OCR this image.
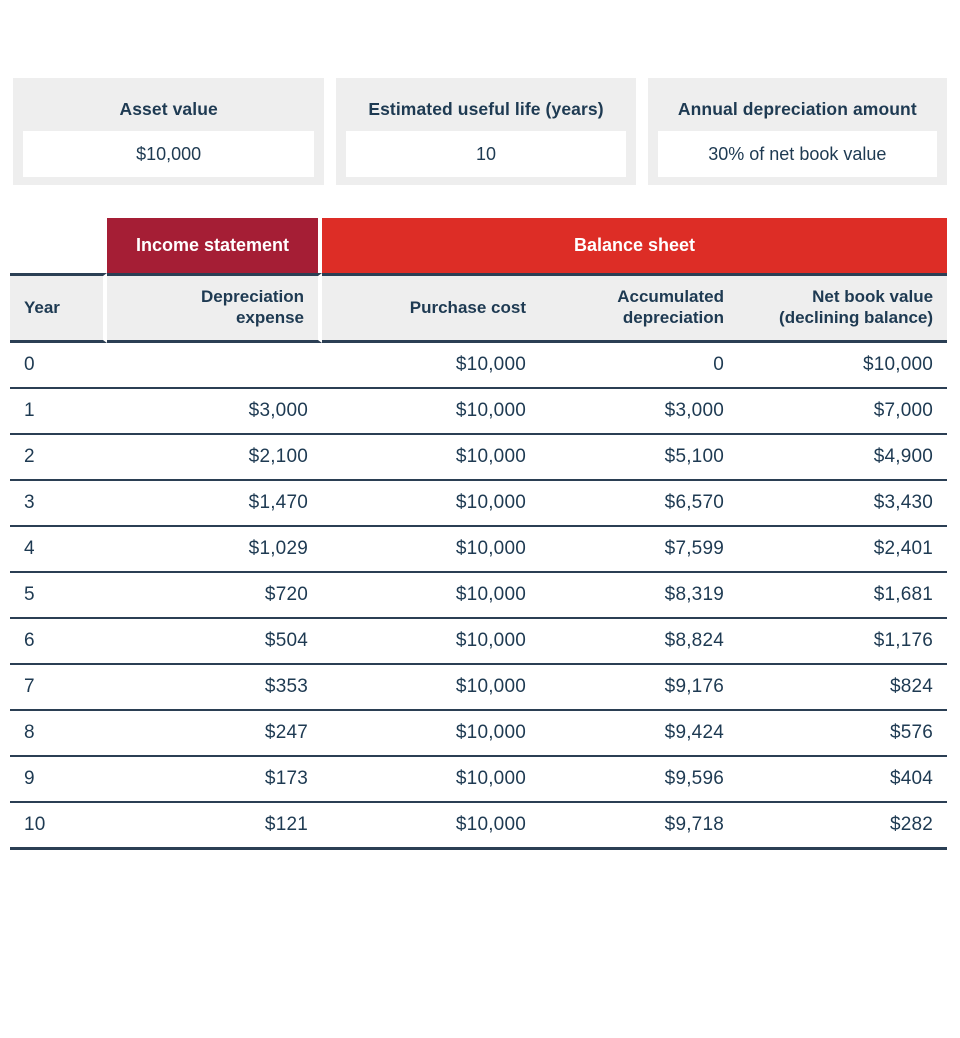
Asset value
$10,000
Estimated useful life (years)
10
Annual depreciation amount
30% of net book value
	Income statement	Balance sheet		
Year	Depreciation expense	Purchase cost	Accumulated depreciation	Net book value (declining balance)
0		$10,000	0	$10,000
1	$3,000	$10,000	$3,000	$7,000
2	$2,100	$10,000	$5,100	$4,900
3	$1,470	$10,000	$6,570	$3,430
4	$1,029	$10,000	$7,599	$2,401
5	$720	$10,000	$8,319	$1,681
6	$504	$10,000	$8,824	$1,176
7	$353	$10,000	$9,176	$824
8	$247	$10,000	$9,424	$576
9	$173	$10,000	$9,596	$404
10	$121	$10,000	$9,718	$282
